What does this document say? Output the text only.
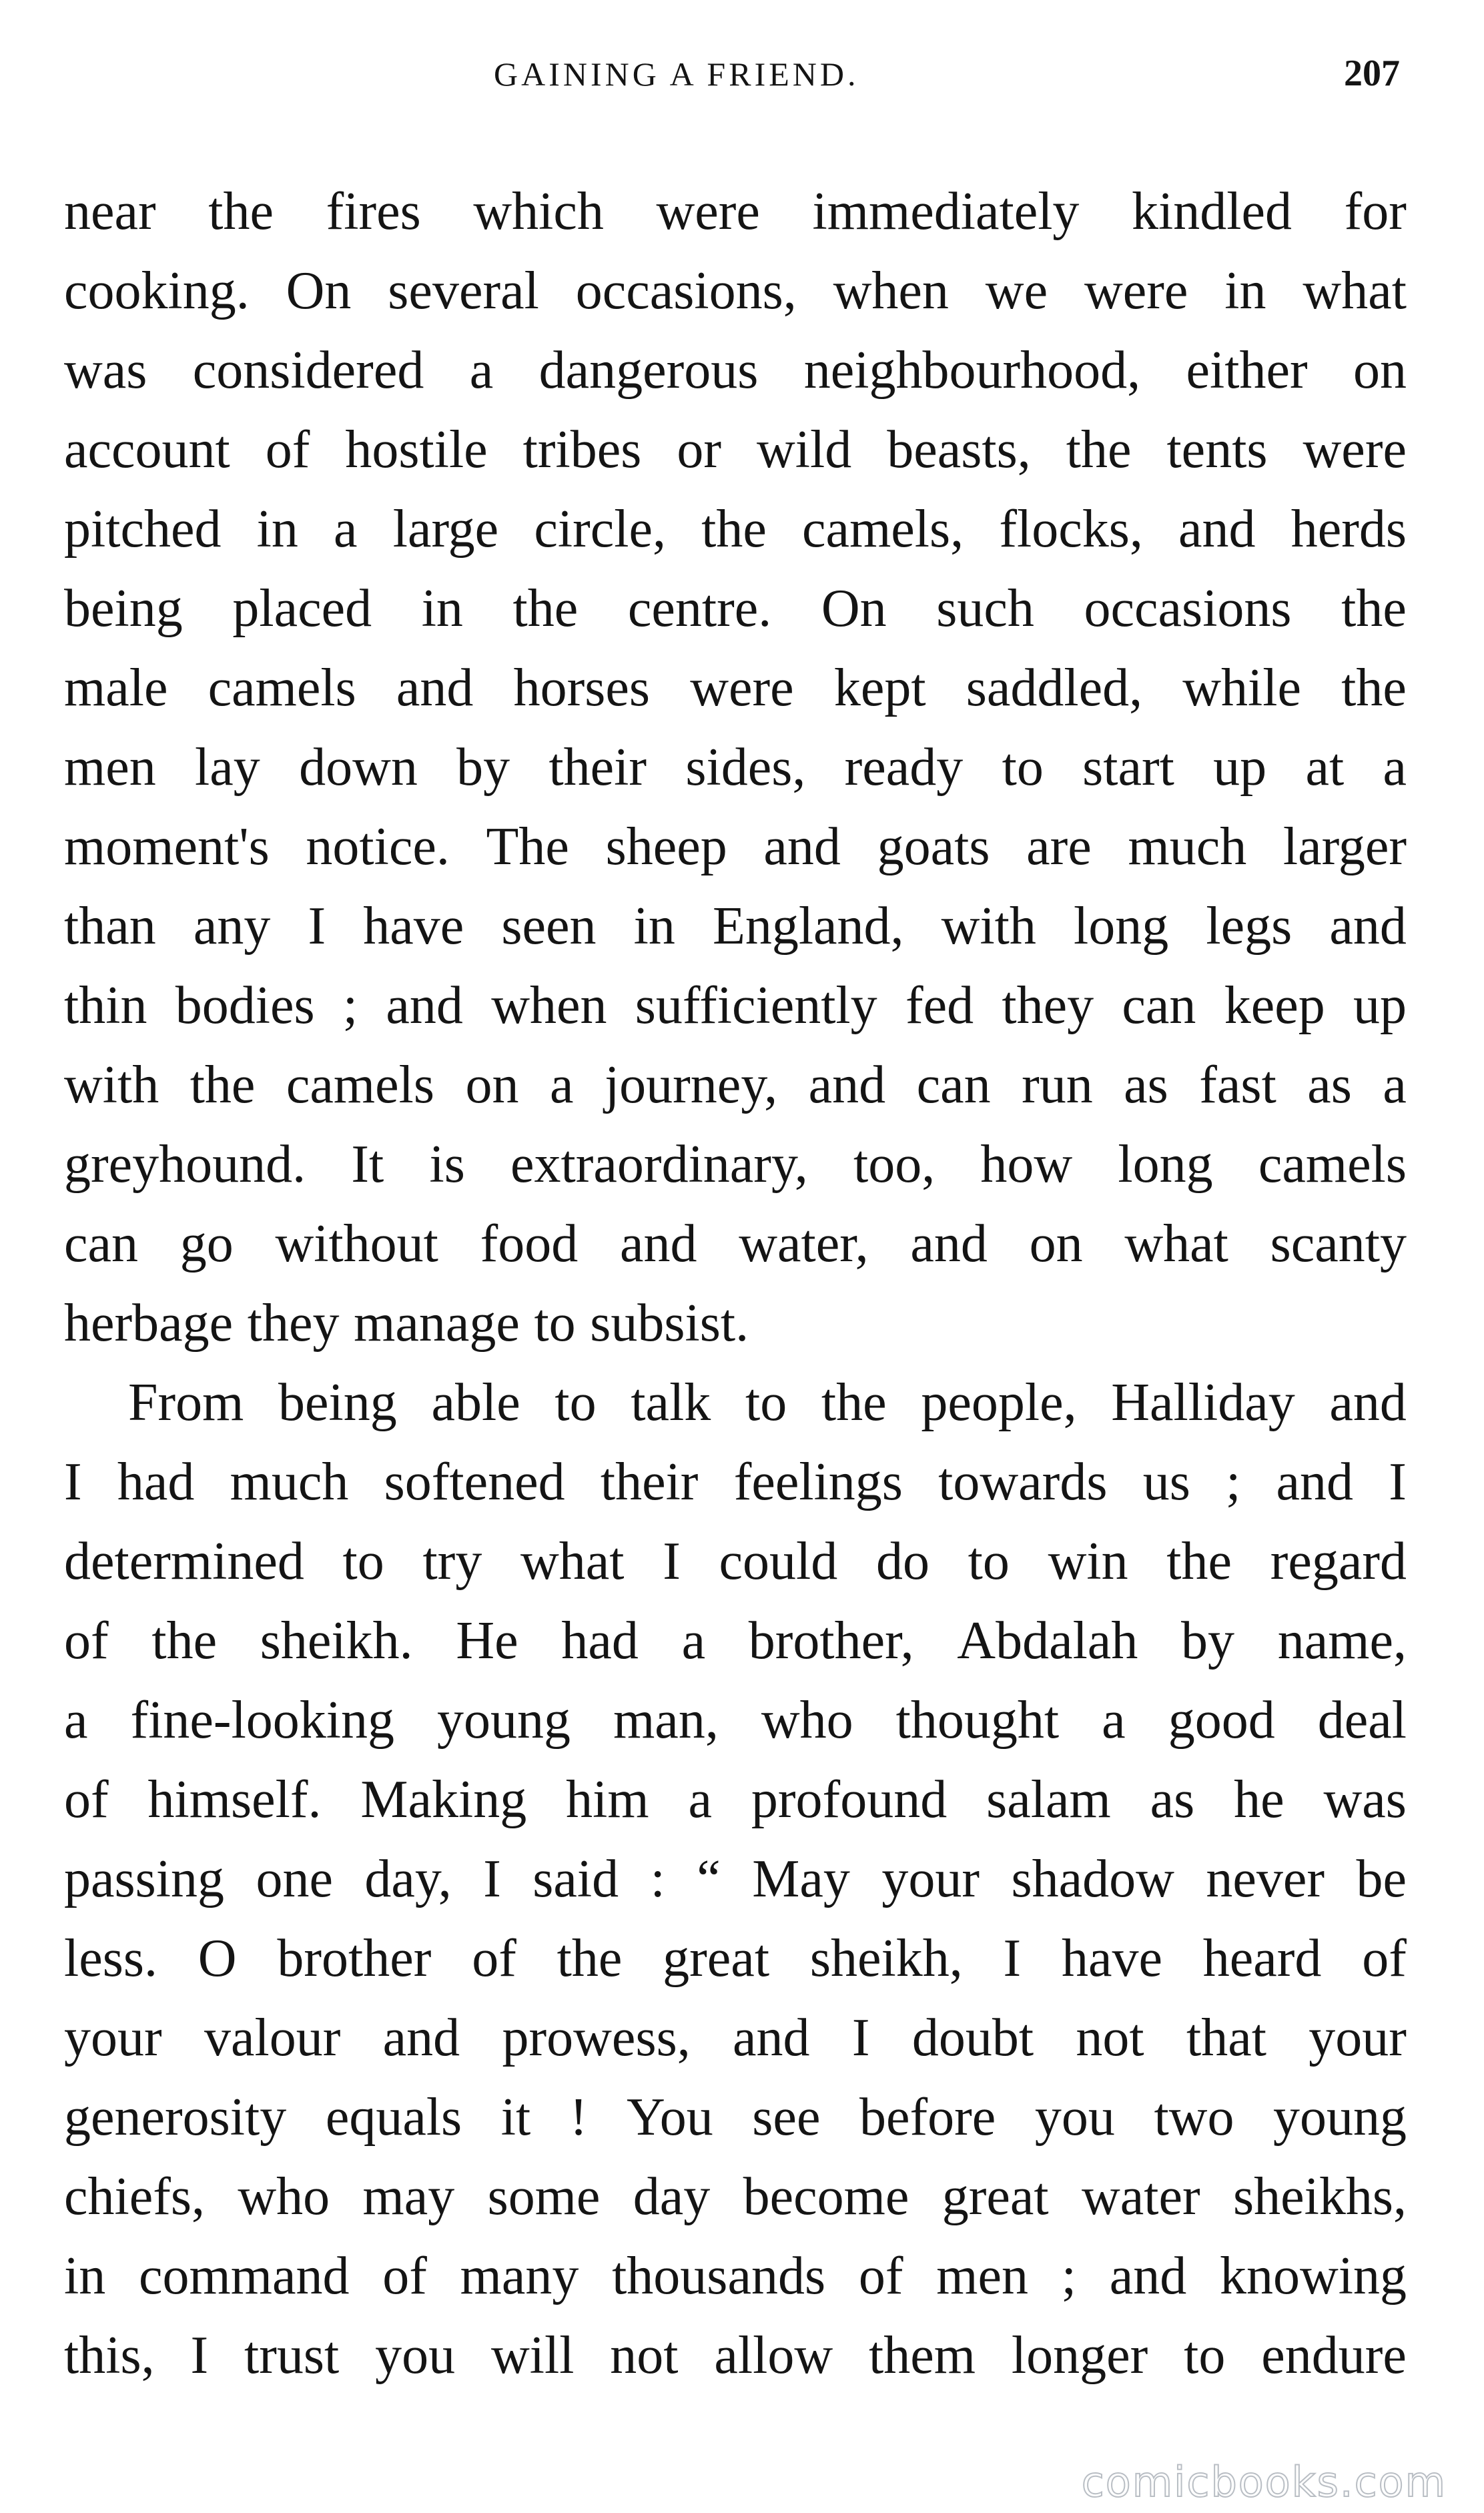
GAINING A FRIEND.	207
near the fires which were immediately kindled for
cooking. On several occasions, when we were in what
was considered a dangerous neighbourhood, either on
account of hostile tribes or wild beasts, the tents were
pitched in a large circle, the camels, flocks, and herds
being placed in the centre. On such occasions the
male camels and horses were kept saddled, while the
men lay down by their sides, ready to start up at a
moment's notice. The sheep and goats are much larger
than any I have seen in England, with long legs and
thin bodies ; and when sufficiently fed they can keep up
with the camels on a journey, and can run as fast as a
greyhound. It is extraordinary, too, how long camels
can go without food and water, and on what scanty
herbage they manage to subsist.
From being able to talk to the people, Halliday and
I had much softened their feelings towards us ; and I
determined to try what I could do to win the regard
of the sheikh. He had a brother, Abdalah by name,
a fine-looking young man, who thought a good deal
of himself. Making him a profound salam as he was
passing one day, I said : “ May your shadow never be
less. O brother of the great sheikh, I have heard of
your valour and prowess, and I doubt not that your
generosity equals it ! You see before you two young
chiefs, who may some day become great water sheikhs,
in command of many thousands of men ; and knowing
this, I trust you will not allow them longer to endure
comicbooks.com
